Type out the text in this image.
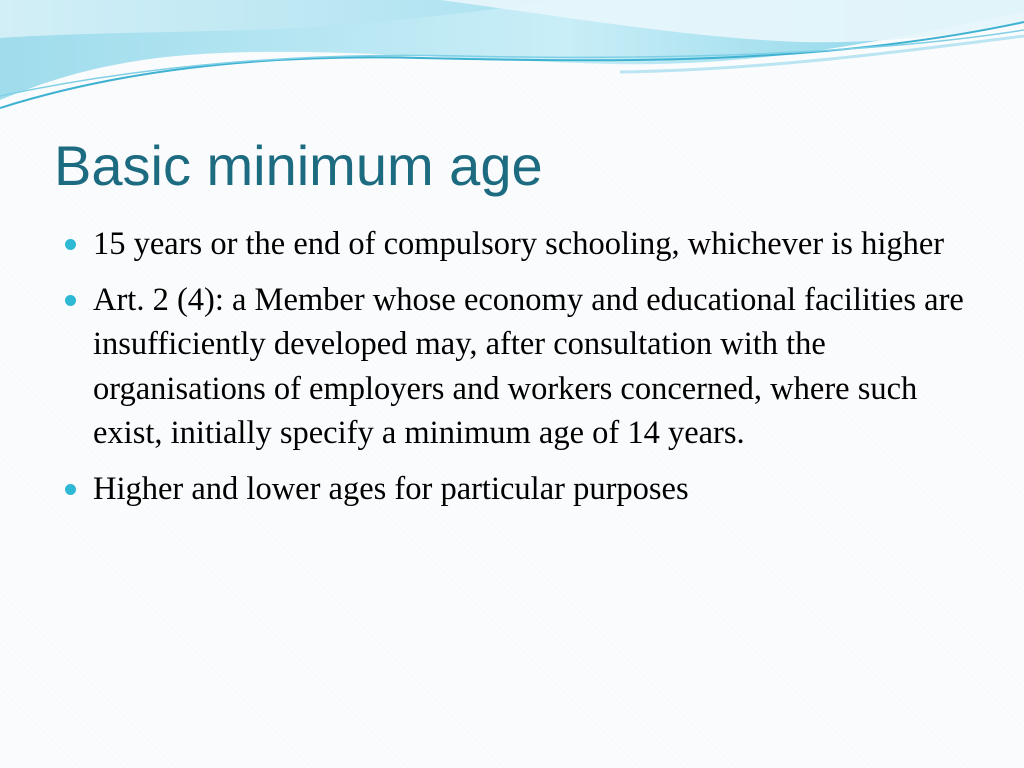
Basic minimum age
15 years or the end of compulsory schooling, whichever is higher
Art. 2 (4): a Member whose economy and educational facilities are insufficiently developed may, after consultation with the organisations of employers and workers concerned, where such exist, initially specify a minimum age of 14 years.
Higher and lower ages for particular purposes
